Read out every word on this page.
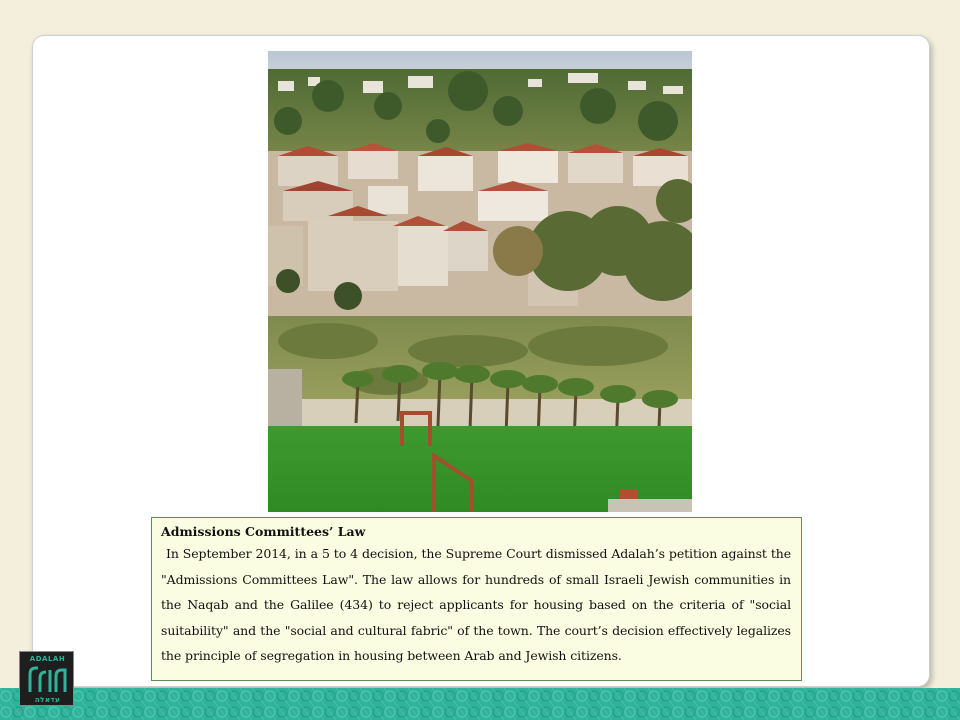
Admissions Committees’ Law

In September 2014, in a 5 to 4 decision, the Supreme Court dismissed Adalah’s petition against the "Admissions Committees Law". The law allows for hundreds of small Israeli Jewish communities in the Naqab and the Galilee (434) to reject applicants for housing based on the criteria of "social suitability" and the "social and cultural fabric" of the town. The court’s decision effectively legalizes the principle of segregation in housing between Arab and Jewish citizens.

ADALAH
עדאלה
